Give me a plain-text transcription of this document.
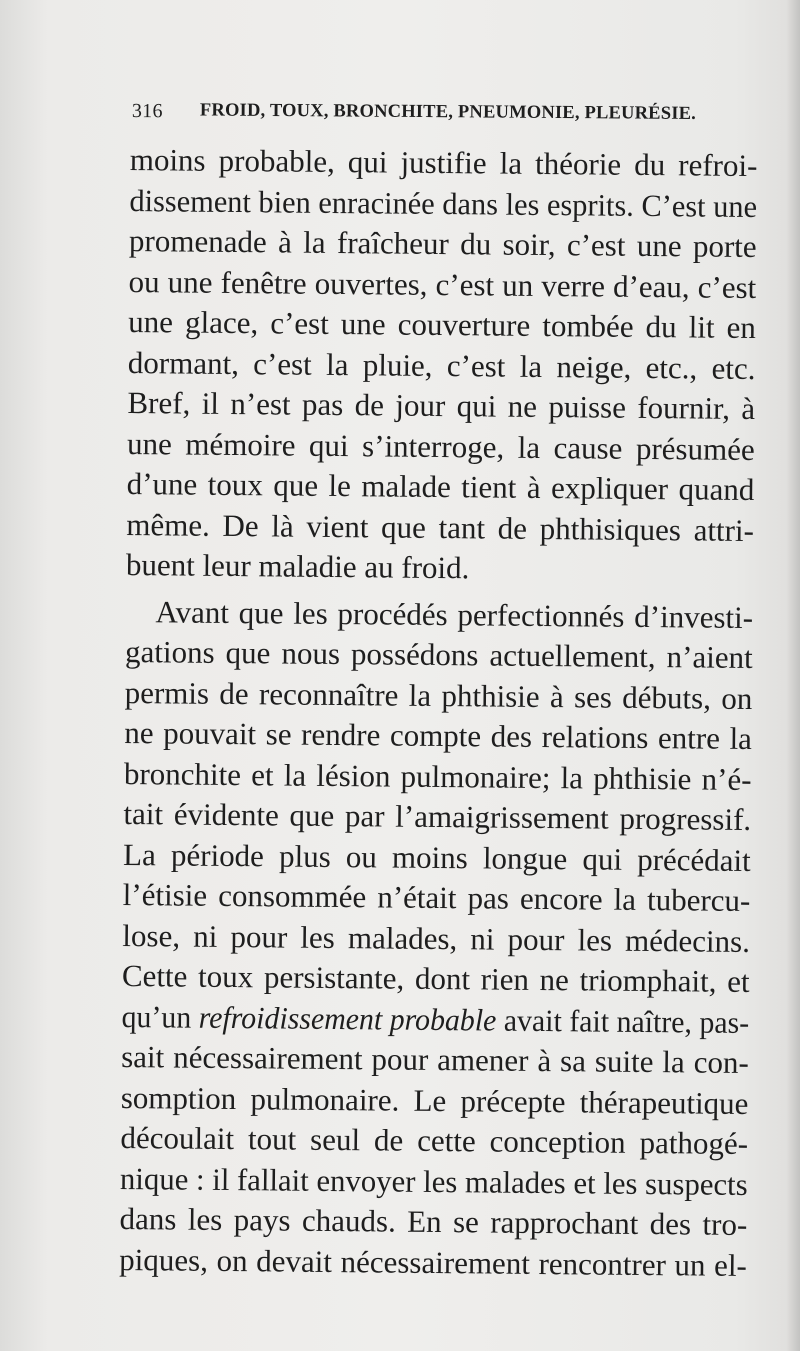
316 FROID, TOUX, BRONCHITE, PNEUMONIE, PLEURÉSIE.
moins probable, qui justifie la théorie du refroi-
dissement bien enracinée dans les esprits. C’est une
promenade à la fraîcheur du soir, c’est une porte
ou une fenêtre ouvertes, c’est un verre d’eau, c’est
une glace, c’est une couverture tombée du lit en
dormant, c’est la pluie, c’est la neige, etc., etc.
Bref, il n’est pas de jour qui ne puisse fournir, à
une mémoire qui s’interroge, la cause présumée
d’une toux que le malade tient à expliquer quand
même. De là vient que tant de phthisiques attri-
buent leur maladie au froid.
Avant que les procédés perfectionnés d’investi-
gations que nous possédons actuellement, n’aient
permis de reconnaître la phthisie à ses débuts, on
ne pouvait se rendre compte des relations entre la
bronchite et la lésion pulmonaire; la phthisie n’é-
tait évidente que par l’amaigrissement progressif.
La période plus ou moins longue qui précédait
l’étisie consommée n’était pas encore la tubercu-
lose, ni pour les malades, ni pour les médecins.
Cette toux persistante, dont rien ne triomphait, et
qu’un refroidissement probable avait fait naître, pas-
sait nécessairement pour amener à sa suite la con-
somption pulmonaire. Le précepte thérapeutique
découlait tout seul de cette conception pathogé-
nique : il fallait envoyer les malades et les suspects
dans les pays chauds. En se rapprochant des tro-
piques, on devait nécessairement rencontrer un el-
